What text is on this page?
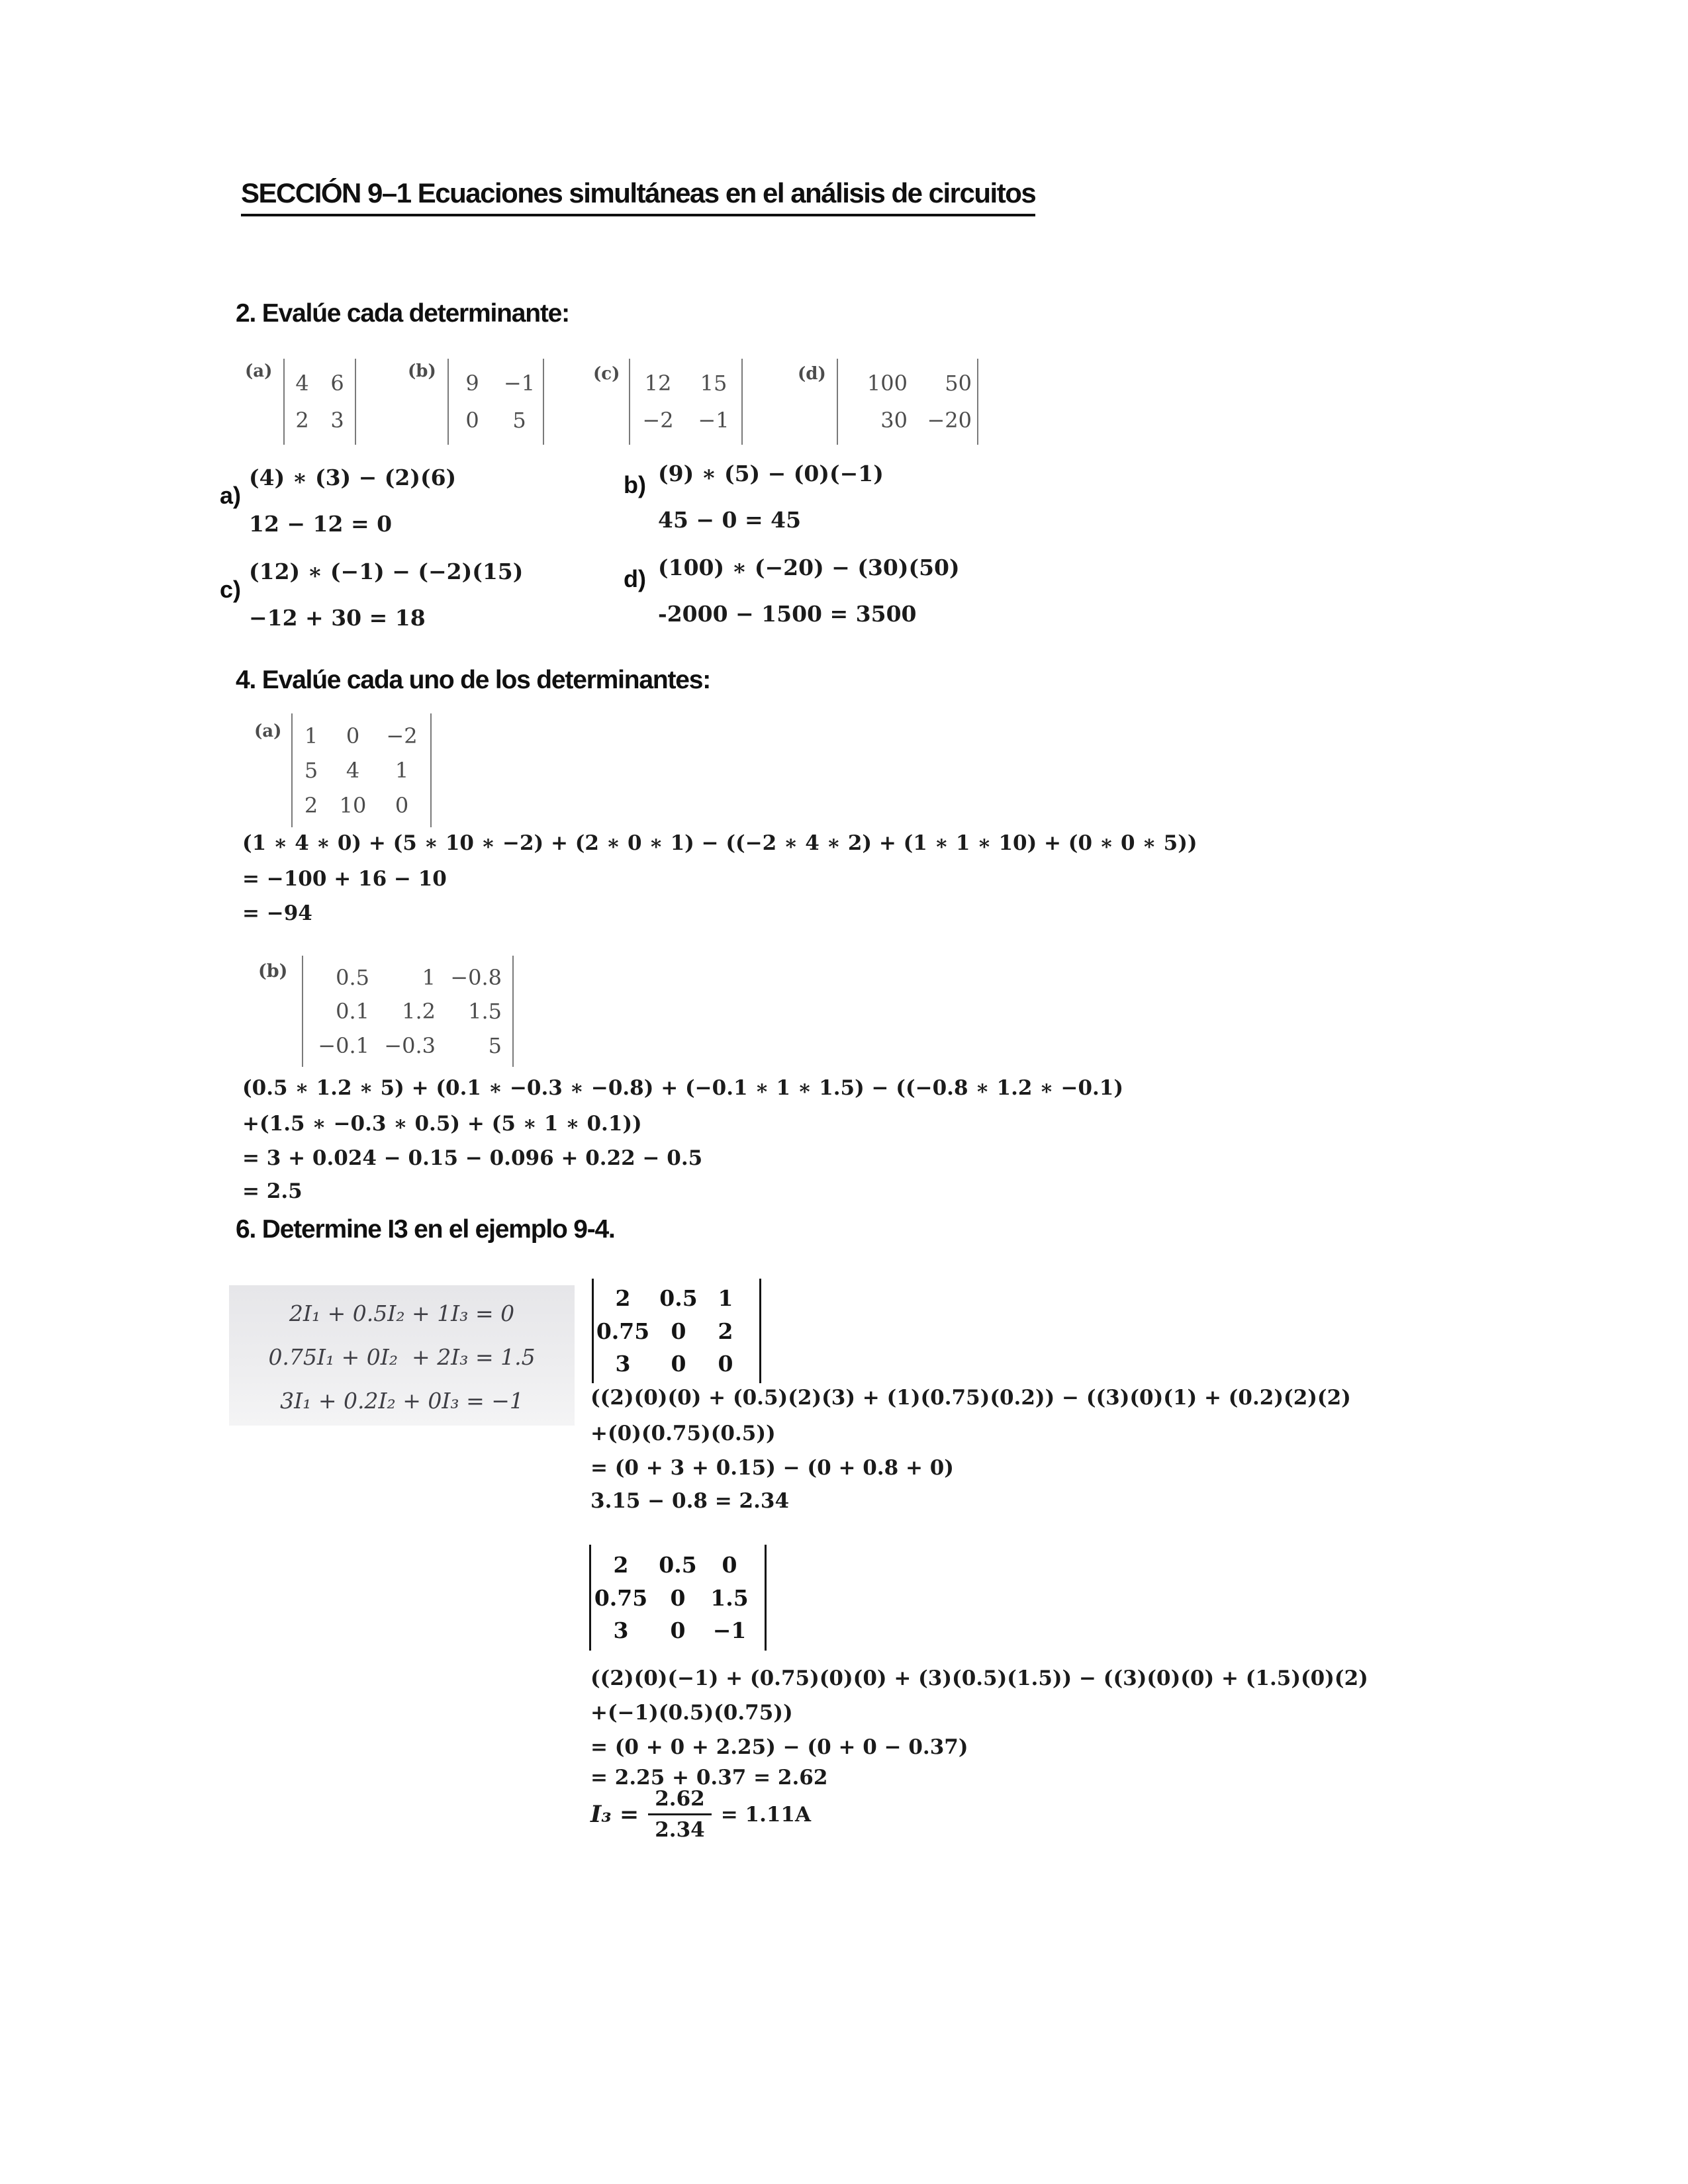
SECCIÓN 9–1 Ecuaciones simultáneas en el análisis de circuitos
2. Evalúe cada determinante:
(a) 4 6
2 3
(b) 9 −1
0 5
(c) 12 15
−2 −1
(d) 100 50
30 −20
a)
(4) ∗ (3) − (2)(6)
12 − 12 = 0
b) (9) ∗ (5) − (0)(−1)
45 − 0 = 45
c)
(12) ∗ (−1) − (−2)(15)
−12 + 30 = 18
d) (100) ∗ (−20) − (30)(50)
-2000 − 1500 = 3500
4. Evalúe cada uno de los determinantes:
(a) 1 0 −2
5 4 1
2 10 0
(1 ∗ 4 ∗ 0) + (5 ∗ 10 ∗ −2) + (2 ∗ 0 ∗ 1) − ((−2 ∗ 4 ∗ 2) + (1 ∗ 1 ∗ 10) + (0 ∗ 0 ∗ 5))
= −100 + 16 − 10
= −94
(b) 0.5 1 −0.8
0.1 1.2 1.5
−0.1 −0.3 5
(0.5 ∗ 1.2 ∗ 5) + (0.1 ∗ −0.3 ∗ −0.8) + (−0.1 ∗ 1 ∗ 1.5) − ((−0.8 ∗ 1.2 ∗ −0.1)
+(1.5 ∗ −0.3 ∗ 0.5) + (5 ∗ 1 ∗ 0.1))
= 3 + 0.024 − 0.15 − 0.096 + 0.22 − 0.5
= 2.5
6. Determine I3 en el ejemplo 9-4.
2I₁ + 0.5I₂ + 1I₃ = 0
0.75I₁ + 0I₂  + 2I₃ = 1.5
3I₁ + 0.2I₂ + 0I₃ = −1
2 0.5 1
0.75 0 2
3 0 0
((2)(0)(0) + (0.5)(2)(3) + (1)(0.75)(0.2)) − ((3)(0)(1) + (0.2)(2)(2)
+(0)(0.75)(0.5))
= (0 + 3 + 0.15) − (0 + 0.8 + 0)
3.15 − 0.8 = 2.34
2 0.5 0
0.75 0 1.5
3 0 −1
((2)(0)(−1) + (0.75)(0)(0) + (3)(0.5)(1.5)) − ((3)(0)(0) + (1.5)(0)(2)
+(−1)(0.5)(0.75))
= (0 + 0 + 2.25) − (0 + 0 − 0.37)
= 2.25 + 0.37 = 2.62
$I_3 = \frac{2.62}{2.34} = 1.11A$
